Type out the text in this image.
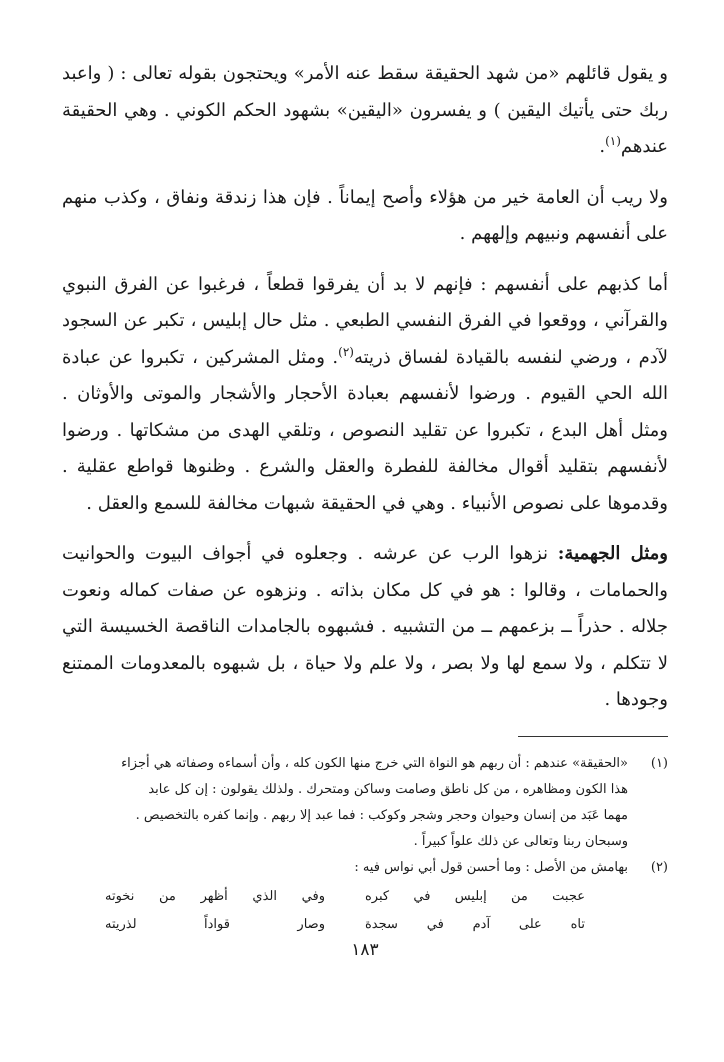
و يقول قائلهم «من شهد الحقيقة سقط عنه الأمر» ويحتجون بقوله تعالى : ( واعبد ربك حتى يأتيك اليقين ) و يفسرون «اليقين» بشهود الحكم الكوني . وهي الحقيقة عندهم$^{(١)}$.

ولا ريب أن العامة خير من هؤلاء وأصح إيماناً . فإن هذا زندقة ونفاق ، وكذب منهم على أنفسهم ونبيهم وإلههم .

أما كذبهم على أنفسهم : فإنهم لا بد أن يفرقوا قطعاً ، فرغبوا عن الفرق النبوي والقرآني ، ووقعوا في الفرق النفسي الطبعي . مثل حال إبليس ، تكبر عن السجود لآدم ، ورضي لنفسه بالقيادة لفساق ذريته$^{(٢)}$. ومثل المشركين ، تكبروا عن عبادة الله الحي القيوم . ورضوا لأنفسهم بعبادة الأحجار والأشجار والموتى والأوثان . ومثل أهل البدع ، تكبروا عن تقليد النصوص ، وتلقي الهدى من مشكاتها . ورضوا لأنفسهم بتقليد أقوال مخالفة للفطرة والعقل والشرع . وظنوها قواطع عقلية . وقدموها على نصوص الأنبياء . وهي في الحقيقة شبهات مخالفة للسمع والعقل .

ومثل الجهمية: نزهوا الرب عن عرشه . وجعلوه في أجواف البيوت والحوانيت والحمامات ، وقالوا : هو في كل مكان بذاته . ونزهوه عن صفات كماله ونعوت جلاله . حذراً ــ بزعمهم ــ من التشبيه . فشبهوه بالجامدات الناقصة الخسيسة التي لا تتكلم ، ولا سمع لها ولا بصر ، ولا علم ولا حياة ، بل شبهوه بالمعدومات الممتنع وجودها .

(١)
«الحقيقة» عندهم : أن ربهم هو النواة التي خرج منها الكون كله ، وأن أسماءه وصفاته هي أجزاء
هذا الكون ومظاهره ، من كل ناطق وصامت وساكن ومتحرك . ولذلك يقولون : إن كل عابد
مهما عَبَد من إنسان وحيوان وحجر وشجر وكوكب : فما عبد إلا ربهم . وإنما كفره بالتخصيص .
وسبحان ربنا وتعالى عن ذلك علواً كبيراً .
(٢)
بهامش من الأصل : وما أحسن قول أبي نواس فيه :
عجبت من إبليس في كبره
وفي الذي أظهر من نخوته
تاه على آدم في سجدة
وصار قواداً لذريته
١٨٣
